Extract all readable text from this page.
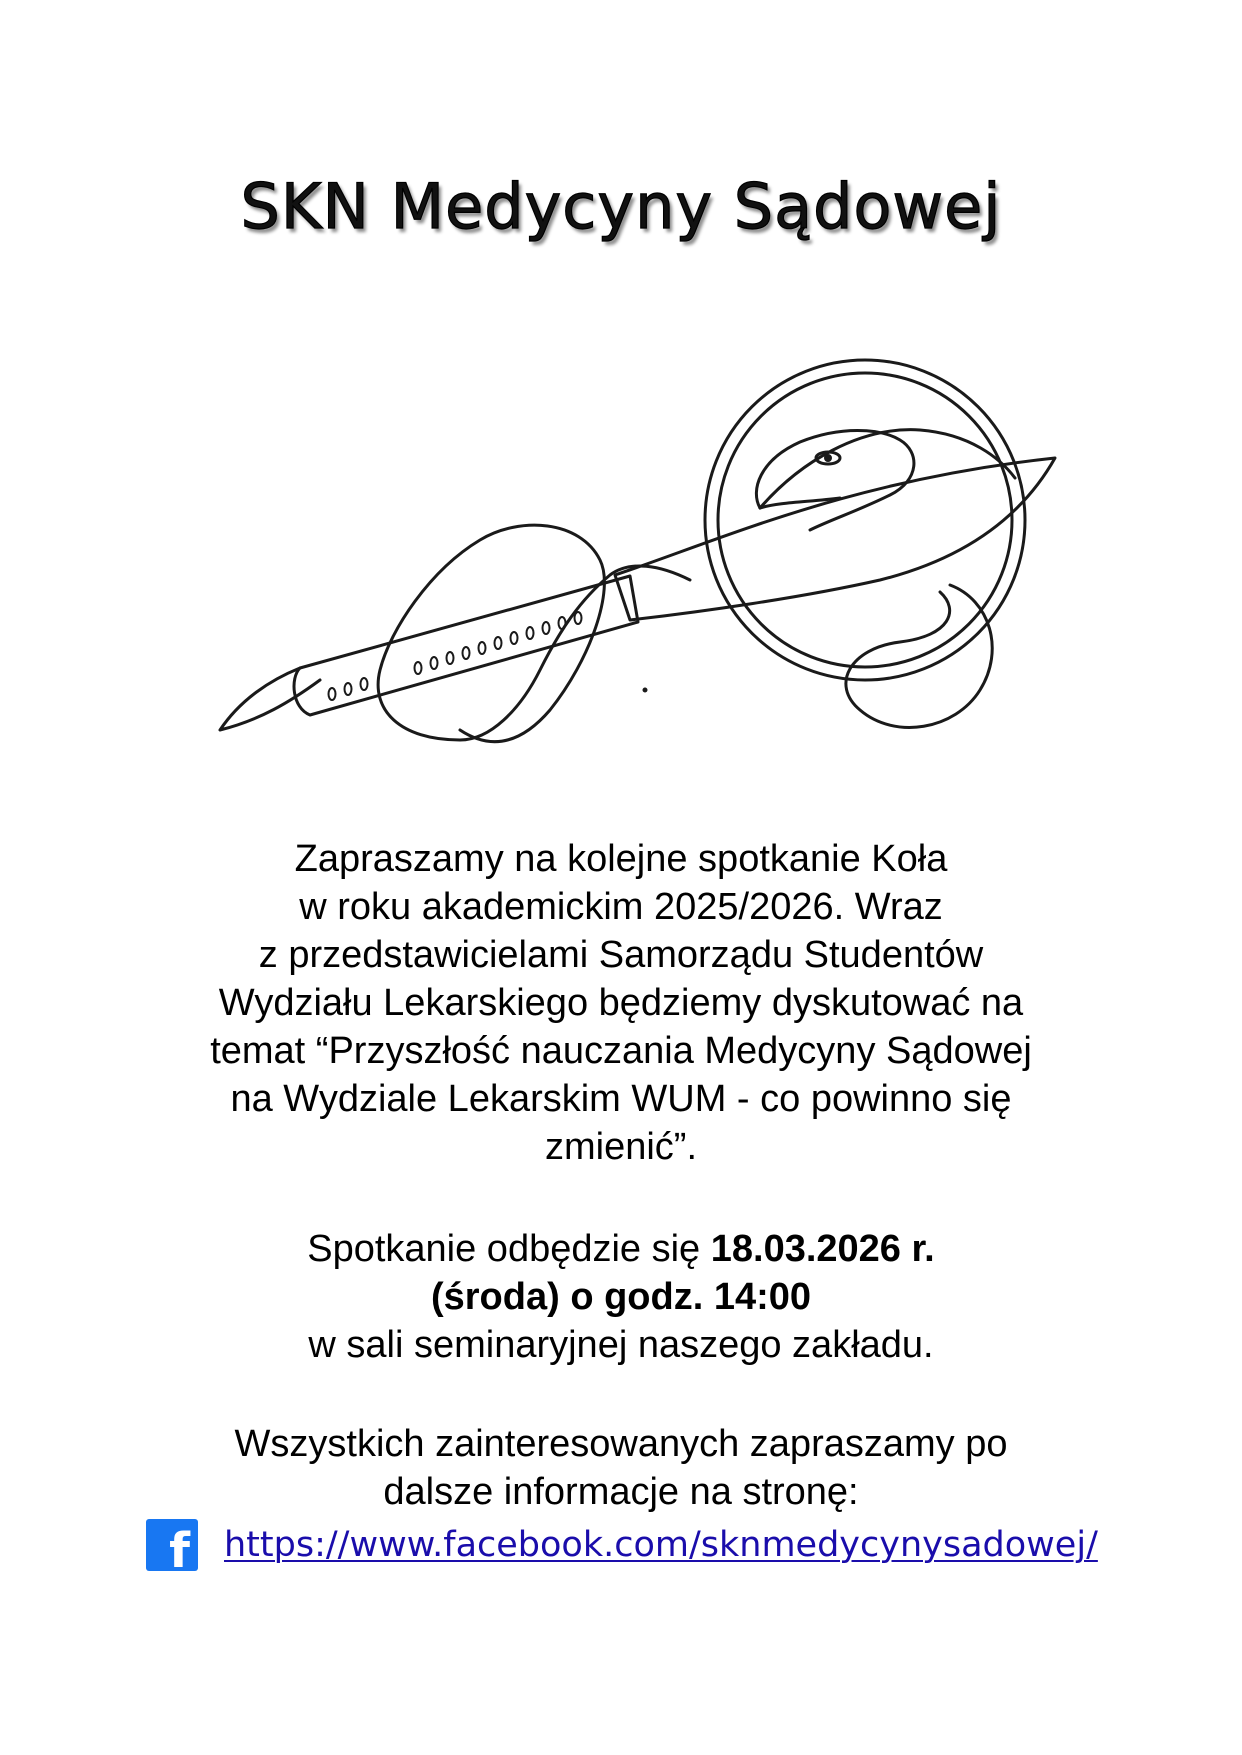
SKN Medycyny Sądowej
Zapraszamy na kolejne spotkanie Koła
w roku akademickim 2025/2026. Wraz
z przedstawicielami Samorządu Studentów
Wydziału Lekarskiego będziemy dyskutować na
temat “Przyszłość nauczania Medycyny Sądowej
na Wydziale Lekarskim WUM - co powinno się
zmienić”.
Spotkanie odbędzie się 18.03.2026 r.
(środa) o godz. 14:00
w sali seminaryjnej naszego zakładu.
Wszystkich zainteresowanych zapraszamy po
dalsze informacje na stronę:
f https://www.facebook.com/sknmedycynysadowej/
